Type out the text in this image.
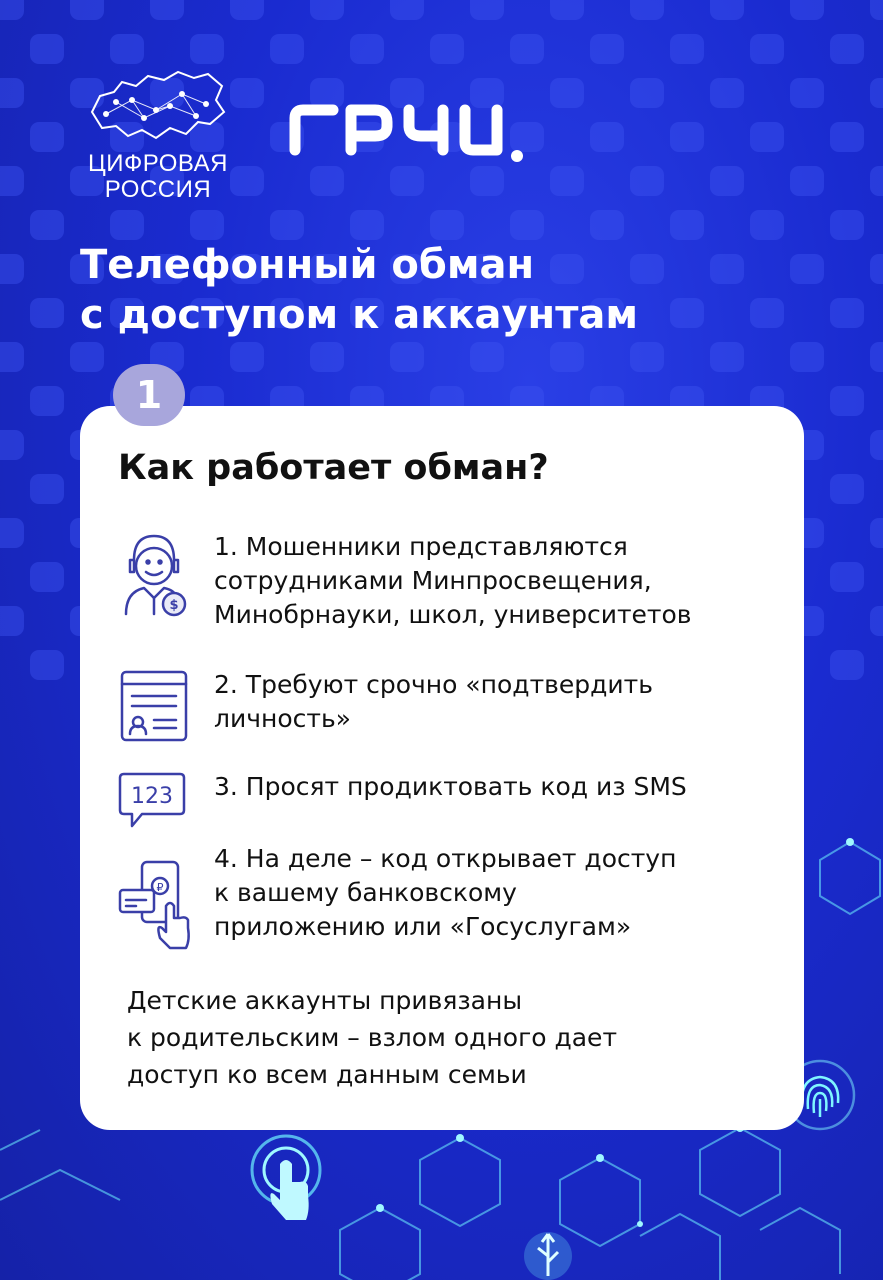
ЦИФРОВАЯ
РОССИЯ
Телефонный обман
с доступом к аккаунтам
1
Как работает обман?
$
1. Мошенники представляются
сотрудниками Минпросвещения,
Минобрнауки, школ, университетов
2. Требуют срочно «подтвердить
личность»
123 3. Просят продиктовать код из SMS
₽
4. На деле – код открывает доступ
к вашему банковскому
приложению или «Госуслугам»
Детские аккаунты привязаны
к родительским – взлом одного дает
доступ ко всем данным семьи
